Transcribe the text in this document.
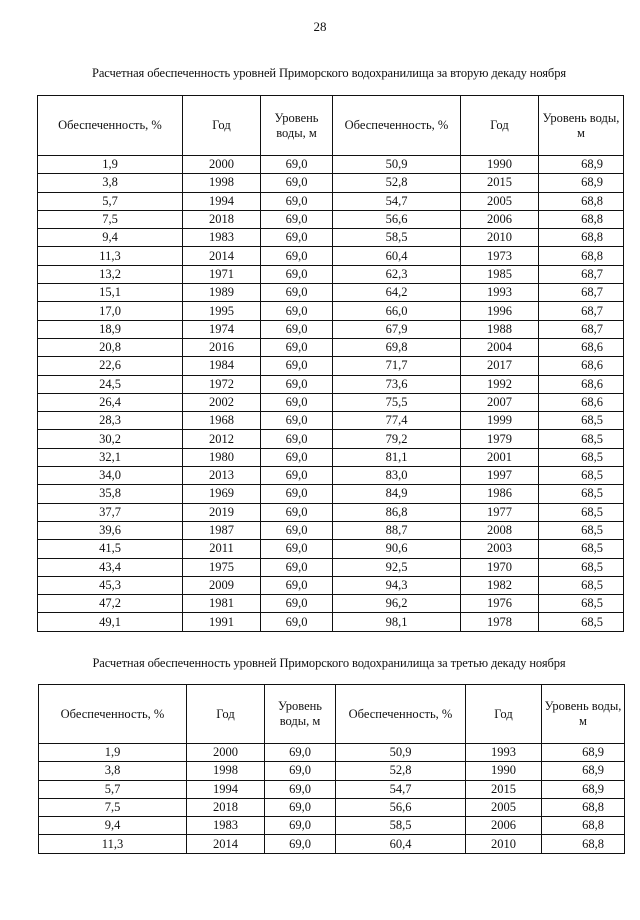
28
Расчетная обеспеченность уровней Приморского водохранилища за вторую декаду ноября
Обеспеченность, %	Год	Уровень воды, м	Обеспеченность, %	Год	Уровень воды, м
1,9	2000	69,0	50,9	1990	68,9
3,8	1998	69,0	52,8	2015	68,9
5,7	1994	69,0	54,7	2005	68,8
7,5	2018	69,0	56,6	2006	68,8
9,4	1983	69,0	58,5	2010	68,8
11,3	2014	69,0	60,4	1973	68,8
13,2	1971	69,0	62,3	1985	68,7
15,1	1989	69,0	64,2	1993	68,7
17,0	1995	69,0	66,0	1996	68,7
18,9	1974	69,0	67,9	1988	68,7
20,8	2016	69,0	69,8	2004	68,6
22,6	1984	69,0	71,7	2017	68,6
24,5	1972	69,0	73,6	1992	68,6
26,4	2002	69,0	75,5	2007	68,6
28,3	1968	69,0	77,4	1999	68,5
30,2	2012	69,0	79,2	1979	68,5
32,1	1980	69,0	81,1	2001	68,5
34,0	2013	69,0	83,0	1997	68,5
35,8	1969	69,0	84,9	1986	68,5
37,7	2019	69,0	86,8	1977	68,5
39,6	1987	69,0	88,7	2008	68,5
41,5	2011	69,0	90,6	2003	68,5
43,4	1975	69,0	92,5	1970	68,5
45,3	2009	69,0	94,3	1982	68,5
47,2	1981	69,0	96,2	1976	68,5
49,1	1991	69,0	98,1	1978	68,5
Расчетная обеспеченность уровней Приморского водохранилища за третью декаду ноября
Обеспеченность, %	Год	Уровень воды, м	Обеспеченность, %	Год	Уровень воды, м
1,9	2000	69,0	50,9	1993	68,9
3,8	1998	69,0	52,8	1990	68,9
5,7	1994	69,0	54,7	2015	68,9
7,5	2018	69,0	56,6	2005	68,8
9,4	1983	69,0	58,5	2006	68,8
11,3	2014	69,0	60,4	2010	68,8
